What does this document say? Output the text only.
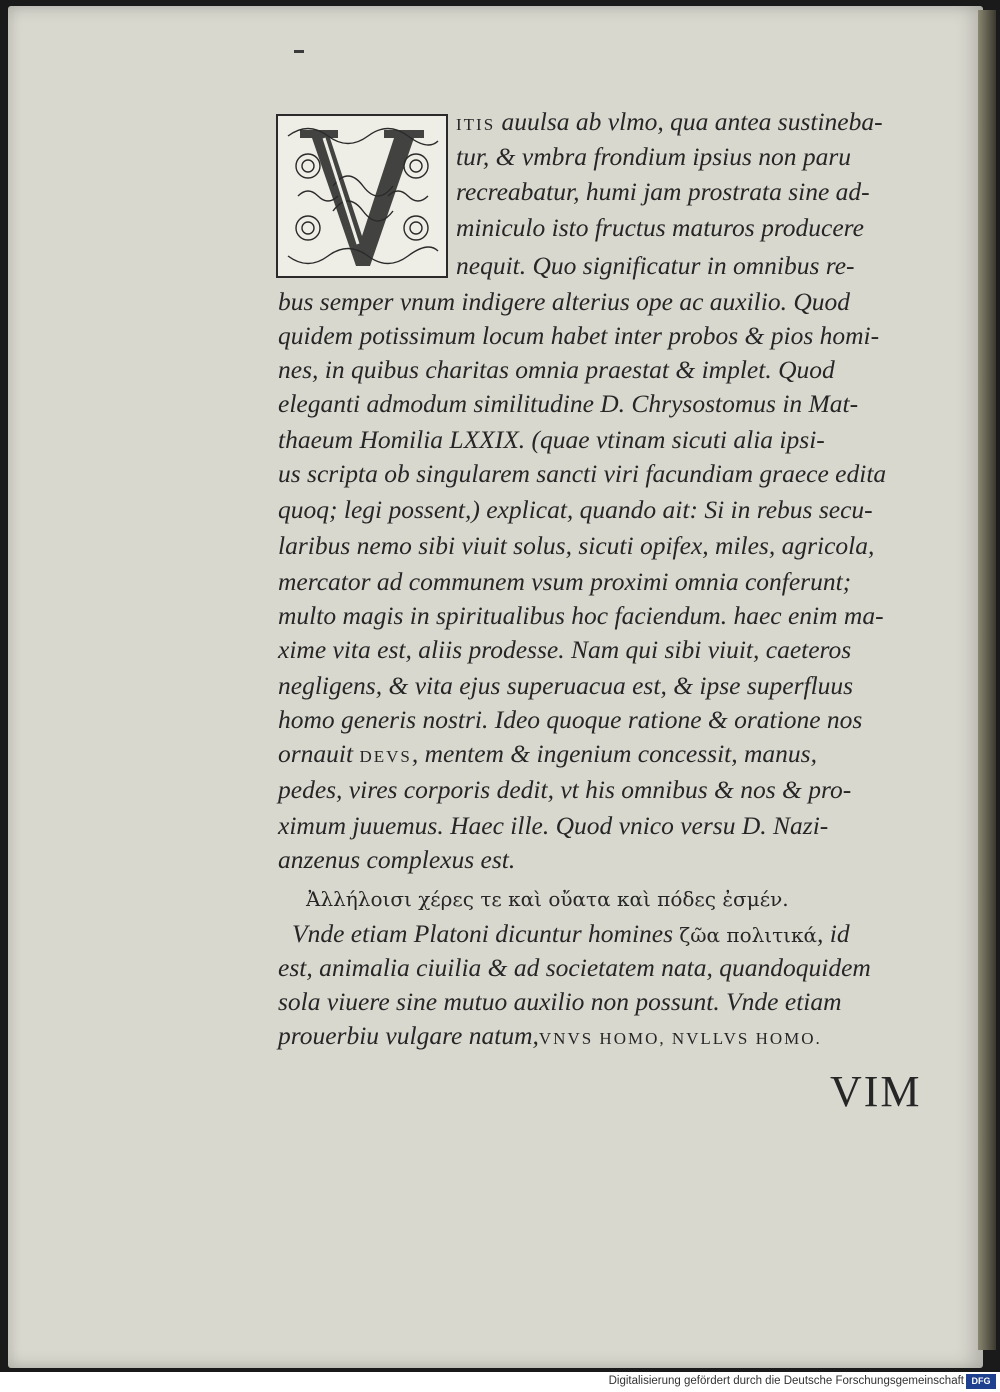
ITIS auulsa ab vlmo, qua antea sustineba-
tur, & vmbra frondium ipsius non paru
recreabatur, humi jam prostrata sine ad-
miniculo isto fructus maturos producere
nequit. Quo significatur in omnibus re-
bus semper vnum indigere alterius ope ac auxilio. Quod
quidem potissimum locum habet inter probos & pios homi-
nes, in quibus charitas omnia praestat & implet. Quod
eleganti admodum similitudine D. Chrysostomus in Mat-
thaeum Homilia LXXIX. (quae vtinam sicuti alia ipsi-
us scripta ob singularem sancti viri facundiam graece edita
quoq; legi possent,) explicat, quando ait: Si in rebus secu-
laribus nemo sibi viuit solus, sicuti opifex, miles, agricola,
mercator ad communem vsum proximi omnia conferunt;
multo magis in spiritualibus hoc faciendum. haec enim ma-
xime vita est, aliis prodesse. Nam qui sibi viuit, caeteros
negligens, & vita ejus superuacua est, & ipse superfluus
homo generis nostri. Ideo quoque ratione & oratione nos
ornauit DEVS, mentem & ingenium concessit, manus,
pedes, vires corporis dedit, vt his omnibus & nos & pro-
ximum juuemus. Haec ille. Quod vnico versu D. Nazi-
anzenus complexus est.
Ἀλλήλοισι χέρες τε καὶ οὔατα καὶ πόδες ἐσμέν.
Vnde etiam Platoni dicuntur homines ζῶα πολιτικά, id
est, animalia ciuilia & ad societatem nata, quandoquidem
sola viuere sine mutuo auxilio non possunt. Vnde etiam
prouerbiu vulgare natum,VNVS HOMO, NVLLVS HOMO.
VIM
Digitalisierung gefördert durch die Deutsche Forschungsgemeinschaft DFG
